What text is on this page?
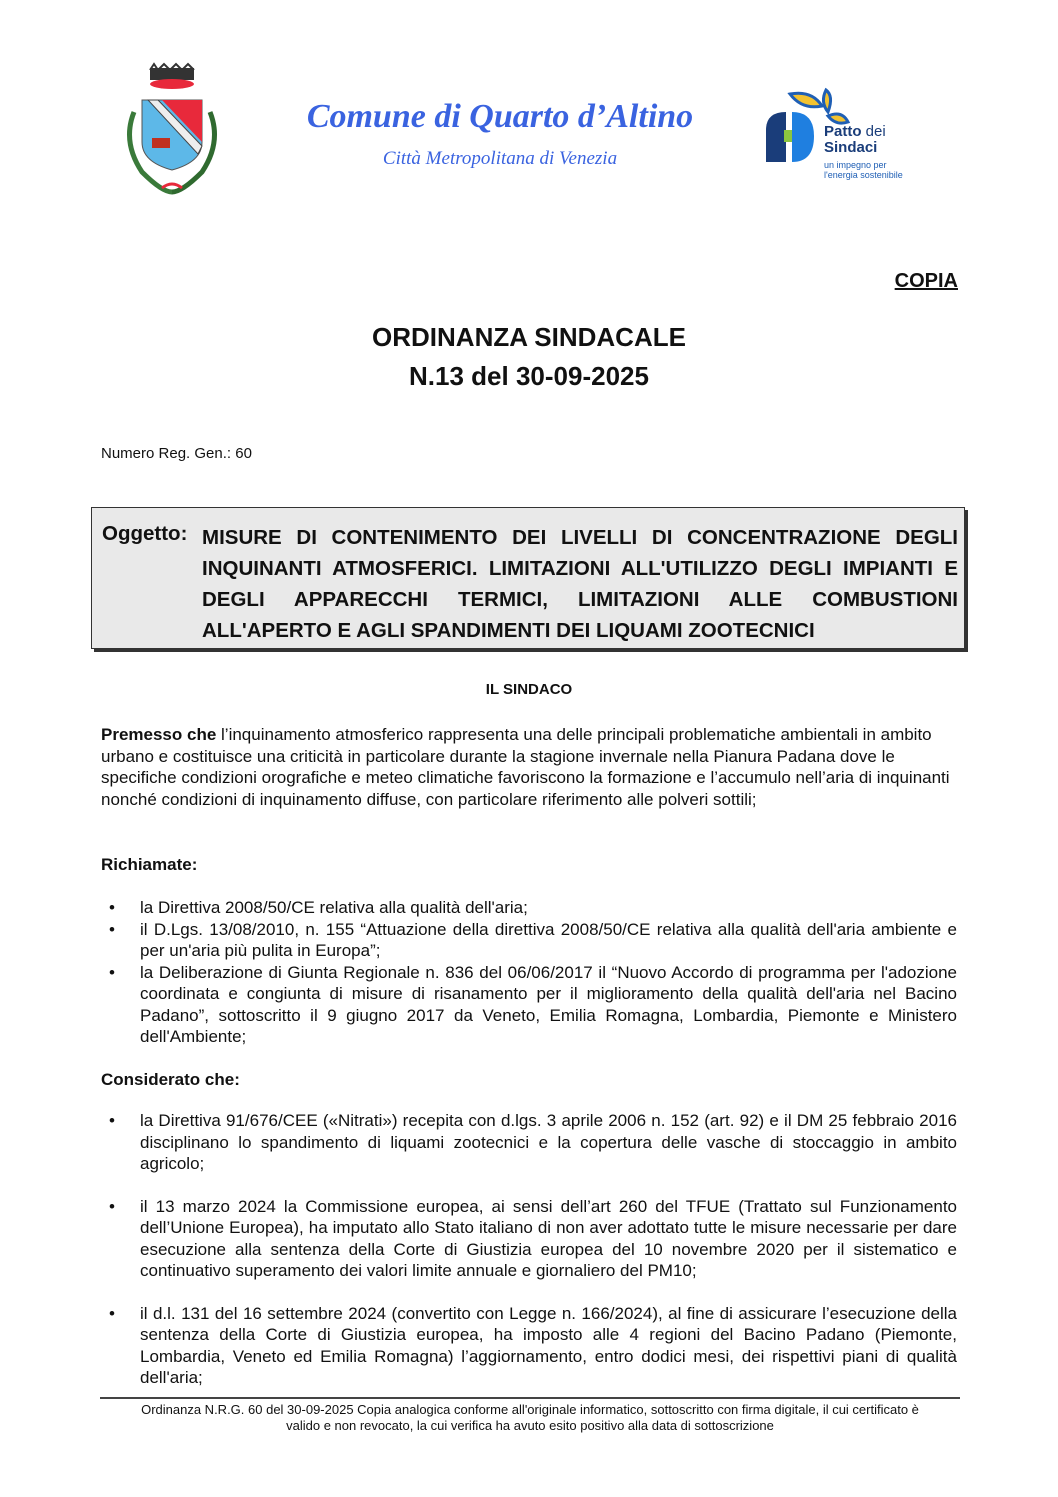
Comune di Quarto d’Altino
Città Metropolitana di Venezia
Patto dei
Sindaci
un impegno per
l'energia sostenibile
COPIA
ORDINANZA SINDACALE
N.13 del 30-09-2025
Numero Reg. Gen.: 60
Oggetto: MISURE DI CONTENIMENTO DEI LIVELLI DI CONCENTRAZIONE DEGLI INQUINANTI ATMOSFERICI. LIMITAZIONI ALL'UTILIZZO DEGLI IMPIANTI E DEGLI APPARECCHI TERMICI, LIMITAZIONI ALLE COMBUSTIONI ALL'APERTO E AGLI SPANDIMENTI DEI LIQUAMI ZOOTECNICI
IL SINDACO
Premesso che l’inquinamento atmosferico rappresenta una delle principali problematiche ambientali in ambito urbano e costituisce una criticità in particolare durante la stagione invernale nella Pianura Padana dove le specifiche condizioni orografiche e meteo climatiche favoriscono la formazione e l’accumulo nell’aria di inquinanti nonché condizioni di inquinamento diffuse, con particolare riferimento alle polveri sottili;
Richiamate:
• la Direttiva 2008/50/CE relativa alla qualità dell'aria;
• il D.Lgs. 13/08/2010, n. 155 “Attuazione della direttiva 2008/50/CE relativa alla qualità dell'aria ambiente e per un'aria più pulita in Europa”;
• la Deliberazione di Giunta Regionale n. 836 del 06/06/2017 il “Nuovo Accordo di programma per l'adozione coordinata e congiunta di misure di risanamento per il miglioramento della qualità dell'aria nel Bacino Padano”, sottoscritto il 9 giugno 2017 da Veneto, Emilia Romagna, Lombardia, Piemonte e Ministero dell'Ambiente;
Considerato che:
• la Direttiva 91/676/CEE («Nitrati») recepita con d.lgs. 3 aprile 2006 n. 152 (art. 92) e il DM 25 febbraio 2016 disciplinano lo spandimento di liquami zootecnici e la copertura delle vasche di stoccaggio in ambito agricolo;
• il 13 marzo 2024 la Commissione europea, ai sensi dell’art 260 del TFUE (Trattato sul Funzionamento dell’Unione Europea), ha imputato allo Stato italiano di non aver adottato tutte le misure necessarie per dare esecuzione alla sentenza della Corte di Giustizia europea del 10 novembre 2020 per il sistematico e continuativo superamento dei valori limite annuale e giornaliero del PM10;
• il d.l. 131 del 16 settembre 2024 (convertito con Legge n. 166/2024), al fine di assicurare l’esecuzione della sentenza della Corte di Giustizia europea, ha imposto alle 4 regioni del Bacino Padano (Piemonte, Lombardia, Veneto ed Emilia Romagna) l’aggiornamento, entro dodici mesi, dei rispettivi piani di qualità dell'aria;
Ordinanza N.R.G. 60 del 30-09-2025 Copia analogica conforme all'originale informatico, sottoscritto con firma digitale, il cui certificato è
valido e non revocato, la cui verifica ha avuto esito positivo alla data di sottoscrizione
